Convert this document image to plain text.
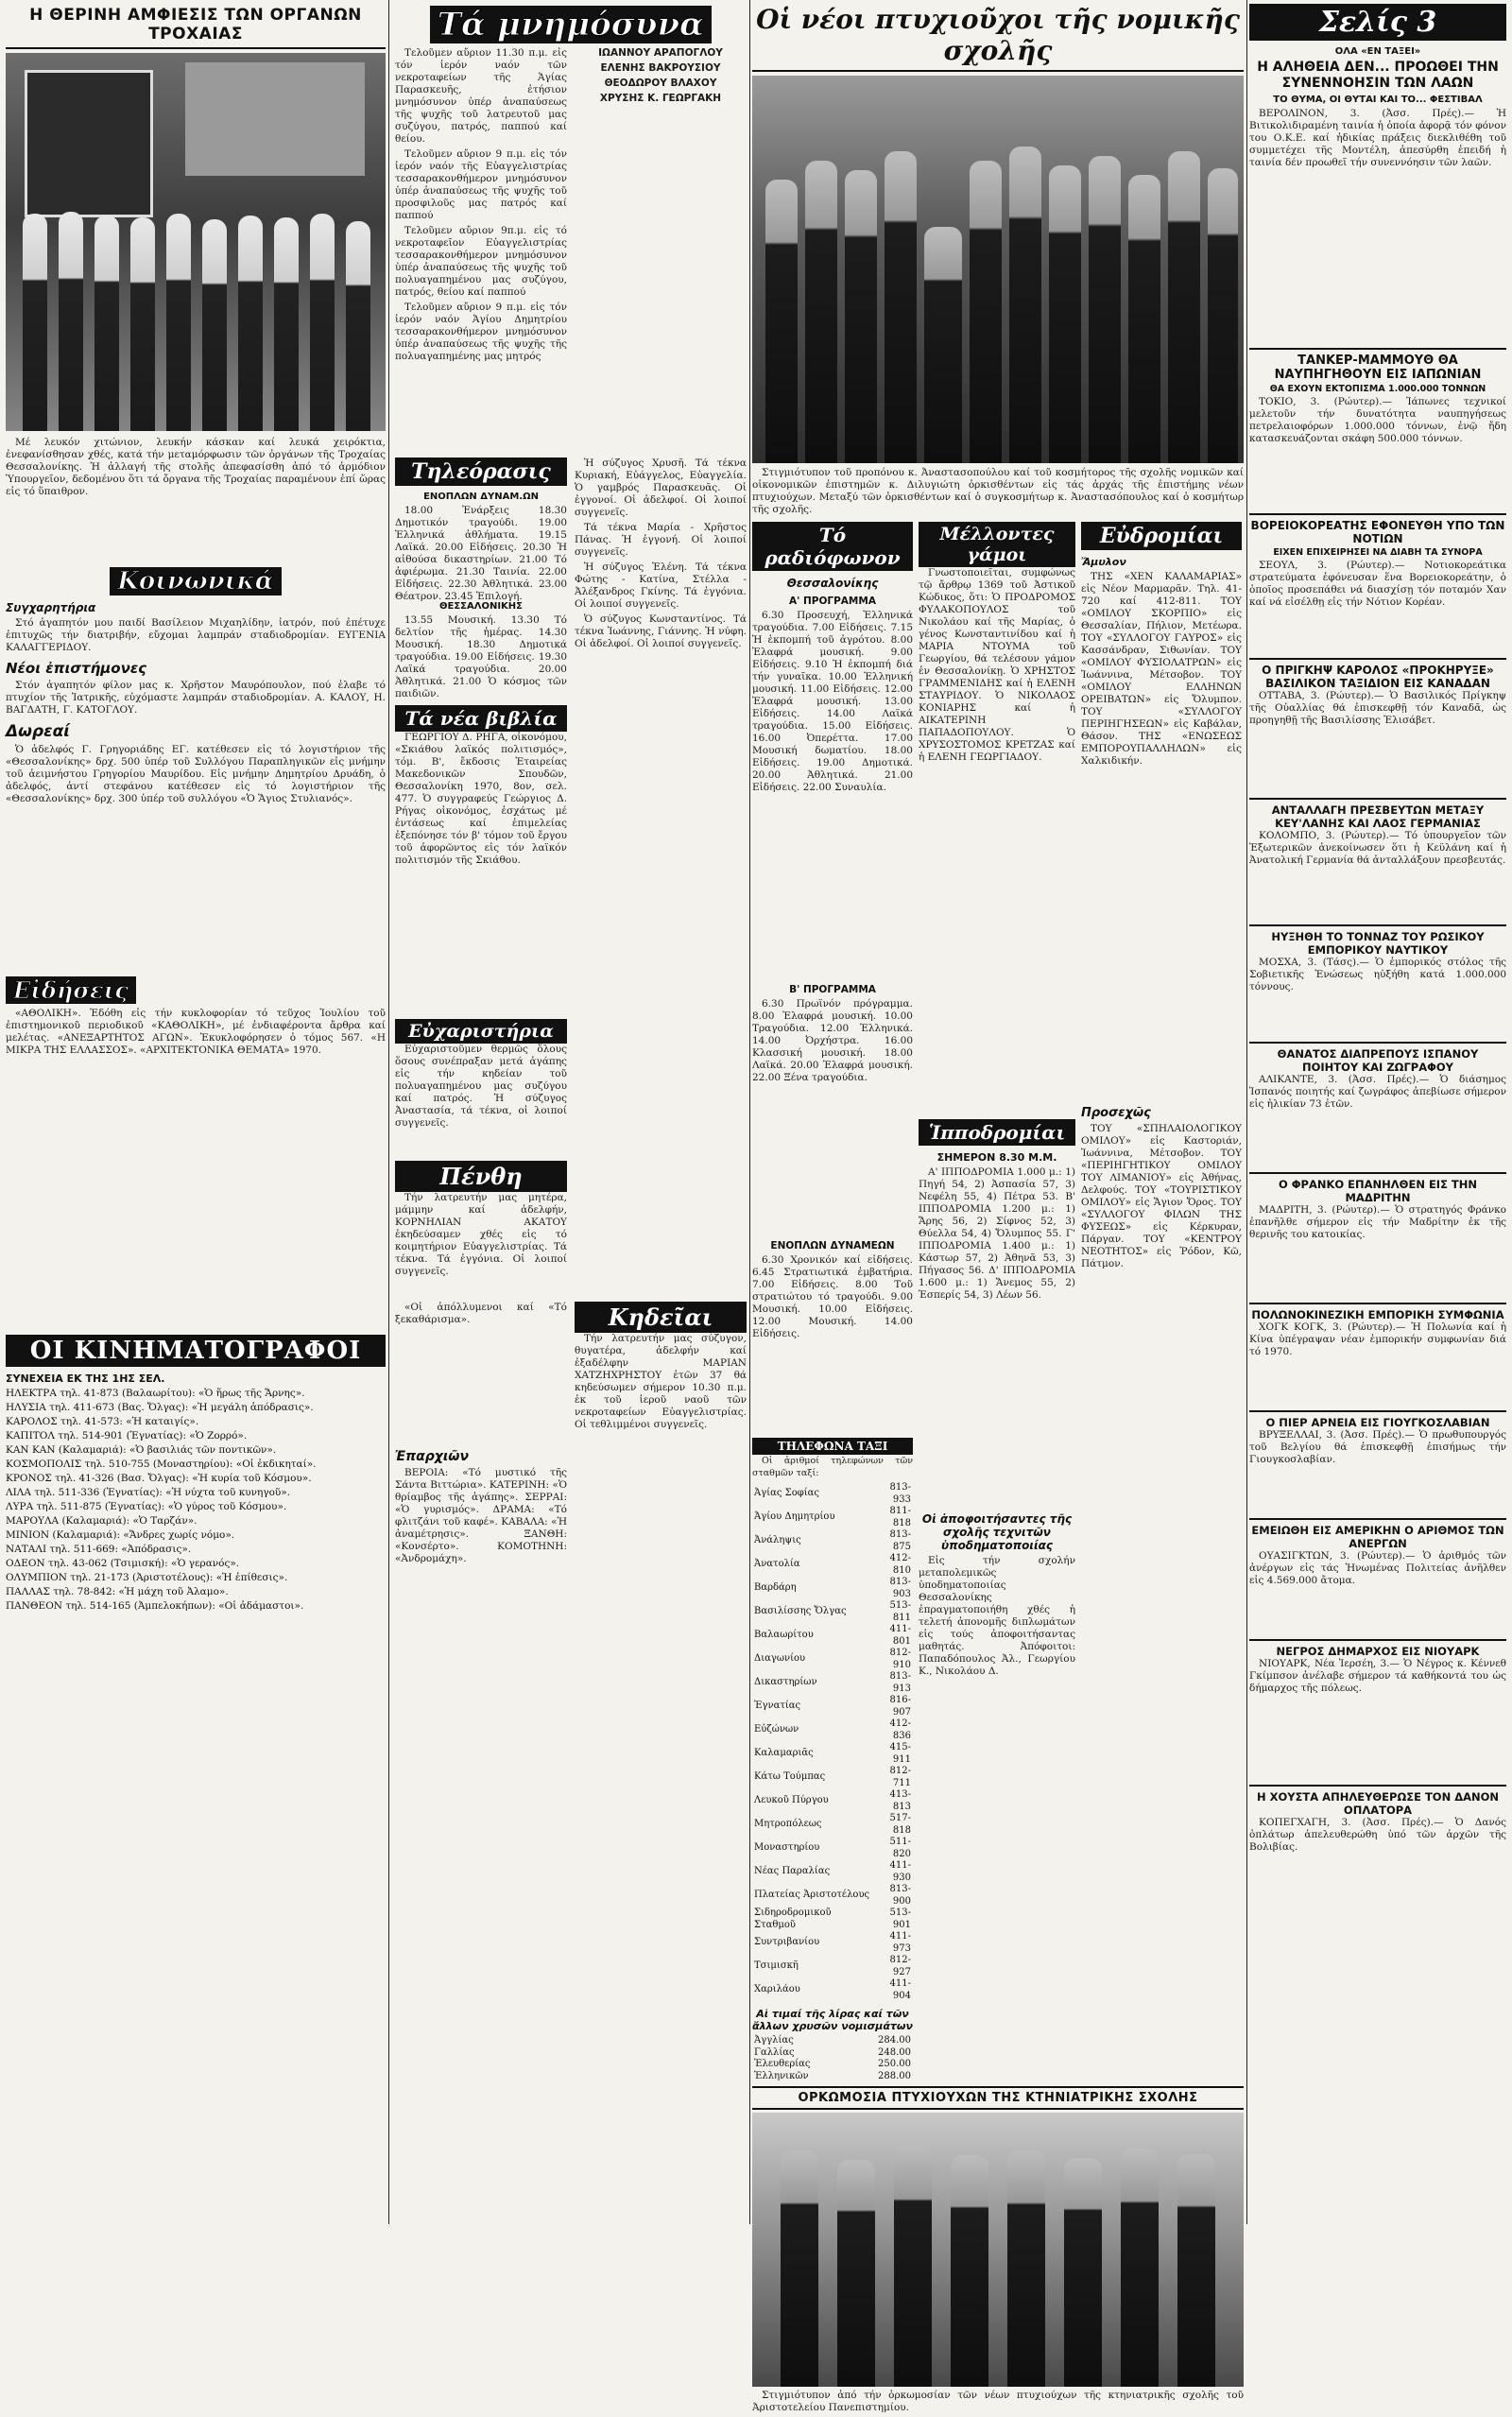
Η ΘΕΡΙΝΗ ΑΜΦΙΕΣΙΣ ΤΩΝ ΟΡΓΑΝΩΝ ΤΡΟΧΑΙΑΣ

Μέ λευκόν χιτώνιον, λευκήν κάσκαν καί λευκά χειρόκτια, ἐνεφανίσθησαν χθές, κατά τήν μεταμόρφωσιν τῶν ὀργάνων τῆς Τροχαίας Θεσσαλονίκης. Ἡ ἀλλαγή τῆς στολῆς ἀπεφασίσθη ἀπό τό ἀρμόδιον Ὑπουργεῖον, δεδομένου ὅτι τά ὄργανα τῆς Τροχαίας παραμένουν ἐπί ὥρας εἰς τό ὕπαιθρον.

Κοινωνικά
Συγχαρητήρια

Στό ἀγαπητόν μου παιδί Βασίλειον Μιχαηλίδην, ἰατρόν, πού ἐπέτυχε ἐπιτυχῶς τήν διατριβήν, εὔχομαι λαμπράν σταδιοδρομίαν. ΕΥΓΕΝΙΑ ΚΑΛΑΓΓΕΡΙΔΟΥ.

Νέοι ἐπιστήμονες

Στόν ἀγαπητόν φίλον μας κ. Χρῆστον Μαυρόπουλον, πού ἐλαβε τό πτυχίον τῆς Ἰατρικῆς, εὐχόμαστε λαμπράν σταδιοδρομίαν. Α. ΚΑΛΟΥ, Η. ΒΑΓΔΑΤΗ, Γ. ΚΑΤΟΓΛΟΥ.

Δωρεαί

Ὁ ἀδελφός Γ. Γρηγοριάδης ΕΓ. κατέθεσεν εἰς τό λογιστήριον τῆς «Θεσσαλονίκης» δρχ. 500 ὑπέρ τοῦ Συλλόγου Παραπληγικῶν εἰς μνήμην τοῦ ἀειμνήστου Γρηγορίου Μαυρίδου. Εἰς μνήμην Δημητρίου Δρυάδη, ὁ ἀδελφός, ἀντί στεφάνου κατέθεσεν εἰς τό λογιστήριον τῆς «Θεσσαλονίκης» δρχ. 300 ὑπέρ τοῦ συλλόγου «Ὁ Ἅγιος Στυλιανός».

Εἰδήσεις

«ΑΘΟΛΙΚΗ». Ἐδόθη εἰς τήν κυκλοφορίαν τό τεῦχος Ἰουλίου τοῦ ἐπιστημονικοῦ περιοδικοῦ «ΚΑΘΟΛΙΚΗ», μέ ἐνδιαφέροντα ἄρθρα καί μελέτας. «ΑΝΕΞΑΡΤΗΤΟΣ ΑΓΩΝ». Ἐκυκλοφόρησεν ὁ τόμος 567. «Η ΜΙΚΡΑ ΤΗΣ ΕΛΛΑΣΣΟΣ». «ΑΡΧΙΤΕΚΤΟΝΙΚΑ ΘΕΜΑΤΑ» 1970.

ΟΙ ΚΙΝΗΜΑΤΟΓΡΑΦΟΙ
ΣΥΝΕΧΕΙΑ ΕΚ ΤΗΣ 1ΗΣ ΣΕΛ.
ΗΛΕΚΤΡΑ τηλ. 41-873 (Βαλαωρίτου): «Ὁ ἥρως τῆς Ἄρνης».
ΗΛΥΣΙΑ τηλ. 411-673 (Βας. Ὄλγας): «Ἡ μεγάλη ἀπόδρασις».
ΚΑΡΟΛΟΣ τηλ. 41-573: «Ἡ καταιγίς».
ΚΑΠΙΤΟΛ τηλ. 514-901 (Ἐγνατίας): «Ὁ Ζορρό».
ΚΑΝ ΚΑΝ (Καλαμαριά): «Ὁ βασιλιάς τῶν ποντικῶν».
ΚΟΣΜΟΠΟΛΙΣ τηλ. 510-755 (Μοναστηρίου): «Οἱ ἐκδικηταί».
ΚΡΟΝΟΣ τηλ. 41-326 (Βασ. Ὄλγας): «Ἡ κυρία τοῦ Κόσμου».
ΛΙΛΑ τηλ. 511-336 (Ἐγνατίας): «Ἡ νύχτα τοῦ κυνηγοῦ».
ΛΥΡΑ τηλ. 511-875 (Ἐγνατίας): «Ὁ γύρος τοῦ Κόσμου».
ΜΑΡΟΥΛΑ (Καλαμαριά): «Ὁ Ταρζάν».
ΜΙΝΙΟΝ (Καλαμαριά): «Ἄνδρες χωρίς νόμο».
ΝΑΤΑΛΙ τηλ. 511-669: «Ἀπόδρασις».
ΟΔΕΟΝ τηλ. 43-062 (Τσιμισκή): «Ὁ γερανός».
ΟΛΥΜΠΙΟΝ τηλ. 21-173 (Ἀριστοτέλους): «Ἡ ἐπίθεσις».
ΠΑΛΛΑΣ τηλ. 78-842: «Ἡ μάχη τοῦ Ἀλαμο».
ΠΑΝΘΕΟΝ τηλ. 514-165 (Ἀμπελοκήπων): «Οἱ ἀδάμαστοι».
Τά μνημόσυνα

Τελοῦμεν αὔριον 11.30 π.μ. εἰς τόν ἱερόν ναόν τῶν νεκροταφείων τῆς Ἁγίας Παρασκευῆς, ἐτήσιον μνημόσυνον ὑπέρ ἀναπαύσεως τῆς ψυχῆς τοῦ λατρευτοῦ μας συζύγου, πατρός, παππού καί θείου.

Τελοῦμεν αὔριον 9 π.μ. εἰς τόν ἱερόν ναόν τῆς Εὐαγγελιστρίας τεσσαρακονθήμερον μνημόσυνον ὑπέρ ἀναπαύσεως τῆς ψυχῆς τοῦ προσφιλοῦς μας πατρός καί παππού

Τελοῦμεν αὔριον 9π.μ. εἰς τό νεκροταφεῖον Εὐαγγελιστρίας τεσσαρακονθήμερον μνημόσυνον ὑπέρ ἀναπαύσεως τῆς ψυχῆς τοῦ πολυαγαπημένου μας συζύγου, πατρός, θείου καί παππού

Τελοῦμεν αὔριον 9 π.μ. εἰς τόν ἱερόν ναόν Ἁγίου Δημητρίου τεσσαρακονθήμερον μνημόσυνον ὑπέρ ἀναπαύσεως τῆς ψυχῆς τῆς πολυαγαπημένης μας μητρός

ΙΩΑΝΝΟΥ ΑΡΑΠΟΓΛΟΥ

ΕΛΕΝΗΣ ΒΑΚΡΟΥΣΙΟΥ

ΘΕΟΔΩΡΟΥ ΒΛΑΧΟΥ

ΧΡΥΣΗΣ Κ. ΓΕΩΡΓΑΚΗ

Τηλεόρασις
ΕΝΟΠΛΩΝ ΔΥΝΑΜ.ΩΝ

18.00 Ἐνάρξεις 18.30 Δημοτικόν τραγούδι. 19.00 Ἑλληνικά ἀθλήματα. 19.15 Λαϊκά. 20.00 Εἰδήσεις. 20.30 Ἡ αἰθούσα δικαστηρίων. 21.00 Τό ἀφιέρωμα. 21.30 Ταινία. 22.00 Εἰδήσεις. 22.30 Ἀθλητικά. 23.00 Θέατρον. 23.45 Ἐπιλογή.

ΘΕΣΣΑΛΟΝΙΚΗΣ

13.55 Μουσική. 13.30 Τό δελτίον τῆς ἡμέρας. 14.30 Μουσική. 18.30 Δημοτικά τραγούδια. 19.00 Εἰδήσεις. 19.30 Λαϊκά τραγούδια. 20.00 Ἀθλητικά. 21.00 Ὁ κόσμος τῶν παιδιῶν.

Τά νέα βιβλία

ΓΕΩΡΓΙΟΥ Δ. ΡΗΓΑ, οἰκονόμου, «Σκιάθου λαϊκός πολιτισμός», τόμ. Β', ἔκδοσις Ἑταιρείας Μακεδονικῶν Σπουδῶν, Θεσσαλονίκη 1970, 8ον, σελ. 477. Ὁ συγγραφεύς Γεώργιος Δ. Ρήγας οἰκονόμος, ἐσχάτως μέ ἐντάσεως καί ἐπιμελείας ἐξεπόνησε τόν β' τόμον τοῦ ἔργου τοῦ ἀφορῶντος εἰς τόν λαϊκόν πολιτισμόν τῆς Σκιάθου.

Εὐχαριστήρια

Εὐχαριστοῦμεν θερμῶς ὅλους ὅσους συνέπραξαν μετά ἀγάπης εἰς τήν κηδείαν τοῦ πολυαγαπημένου μας συζύγου καί πατρός. Ἡ σύζυγος Ἀναστασία, τά τέκνα, οἱ λοιποί συγγενεῖς.

Πένθη

Τήν λατρευτήν μας μητέρα, μάμμην καί ἀδελφήν, ΚΟΡΝΗΛΙΑΝ ΑΚΑΤΟΥ ἐκηδεύσαμεν χθές εἰς τό κοιμητήριον Εὐαγγελιστρίας. Τά τέκνα. Τά ἐγγόνια. Οἱ λοιποί συγγενεῖς.

Ἡ σύζυγος Χρυσῆ. Τά τέκνα Κυριακή, Εὐάγγελος, Εὐαγγελία. Ὁ γαμβρός Παρασκευᾶς. Οἱ ἐγγονοί. Οἱ ἀδελφοί. Οἱ λοιποί συγγενεῖς.

Τά τέκνα Μαρία - Χρῆστος Πάνας. Ἡ ἐγγονή. Οἱ λοιποί συγγενεῖς.

Ἡ σύζυγος Ἑλένη. Τά τέκνα Φώτης - Κατίνα, Στέλλα - Ἀλέξανδρος Γκίνης. Τά ἐγγόνια. Οἱ λοιποί συγγενεῖς.

Ὁ σύζυγος Κωνσταντίνος. Τά τέκνα Ἰωάννης, Γιάννης. Ἡ νύφη. Οἱ ἀδελφοί. Οἱ λοιποί συγγενεῖς.

«Οἱ ἀπόλλυμενοι καί «Τό ξεκαθάρισμα».

Ἐπαρχιῶν

ΒΕΡΟΙΑ: «Τό μυστικό τῆς Σάντα Βιττώρια». ΚΑΤΕΡΙΝΗ: «Ὁ θρίαμβος τῆς ἀγάπης». ΣΕΡΡΑΙ: «Ὁ γυρισμός». ΔΡΑΜΑ: «Τό φλιτζάνι τοῦ καφέ». ΚΑΒΑΛΑ: «Ἡ ἀναμέτρησις». ΞΑΝΘΗ: «Κονσέρτο». ΚΟΜΟΤΗΝΗ: «Ἀνδρομάχη».

Κηδεῖαι

Τήν λατρευτήν μας σύζυγον, θυγατέρα, ἀδελφήν καί ἐξαδέλφην ΜΑΡΙΑΝ ΧΑΤΖΗΧΡΗΣΤΟΥ ἐτῶν 37 θά κηδεύσωμεν σήμερον 10.30 π.μ. ἐκ τοῦ ἱεροῦ ναοῦ τῶν νεκροταφείων Εὐαγγελιστρίας. Οἱ τεθλιμμένοι συγγενεῖς.

Οἱ νέοι πτυχιοῦχοι τῆς νομικῆς σχολῆς

Στιγμιότυπον τοῦ προπόνου κ. Ἀναστασοπούλου καί τοῦ κοσμήτορος τῆς σχολῆς νομικῶν καί οἰκονομικῶν ἐπιστημῶν κ. Διλυγιώτη ὁρκισθέντων εἰς τάς ἀρχάς τῆς ἐπιστήμης νέων πτυχιούχων. Μεταξύ τῶν ὁρκισθέντων καί ὁ συγκοσμήτωρ κ. Ἀναστασόπουλος καί ὁ κοσμήτωρ τῆς σχολῆς.

Τό ραδιόφωνον
Θεσσαλονίκης
Α' ΠΡΟΓΡΑΜΜΑ

6.30 Προσευχή, Ἑλληνικά τραγούδια. 7.00 Εἰδήσεις. 7.15 Ἡ ἐκπομπή τοῦ ἀγρότου. 8.00 Ἐλαφρά μουσική. 9.00 Εἰδήσεις. 9.10 Ἡ ἐκπομπή διά τήν γυναῖκα. 10.00 Ἑλληνική μουσική. 11.00 Εἰδήσεις. 12.00 Ἐλαφρά μουσική. 13.00 Εἰδήσεις. 14.00 Λαϊκά τραγούδια. 15.00 Εἰδήσεις. 16.00 Ὀπερέττα. 17.00 Μουσική δωματίου. 18.00 Εἰδήσεις. 19.00 Δημοτικά. 20.00 Ἀθλητικά. 21.00 Εἰδήσεις. 22.00 Συναυλία.

Β' ΠΡΟΓΡΑΜΜΑ

6.30 Πρωϊνόν πρόγραμμα. 8.00 Ἐλαφρά μουσική. 10.00 Τραγούδια. 12.00 Ἑλληνικά. 14.00 Ὀρχήστρα. 16.00 Κλασσική μουσική. 18.00 Λαϊκά. 20.00 Ἐλαφρά μουσική. 22.00 Ξένα τραγούδια.

ΕΝΟΠΛΩΝ ΔΥΝΑΜΕΩΝ

6.30 Χρονικόν καί εἰδήσεις. 6.45 Στρατιωτικά ἐμβατήρια. 7.00 Εἰδήσεις. 8.00 Τοῦ στρατιώτου τό τραγούδι. 9.00 Μουσική. 10.00 Εἰδήσεις. 12.00 Μουσική. 14.00 Εἰδήσεις.

ΤΗΛΕΦΩΝΑ ΤΑΞΙ

Οἱ ἀριθμοί τηλεφώνων τῶν σταθμῶν ταξί:

Ἀγίας Σοφίας	813-933
Ἀγίου Δημητρίου	811-818
Ἀνάληψις	813-875
Ἀνατολία	412-810
Βαρδάρη	813-903
Βασιλίσσης Ὄλγας	513-811
Βαλαωρίτου	411-801
Διαγωνίου	812-910
Δικαστηρίων	813-913
Ἐγνατίας	816-907
Εὐζώνων	412-836
Καλαμαριᾶς	415-911
Κάτω Τούμπας	812-711
Λευκοῦ Πύργου	413-813
Μητροπόλεως	517-818
Μοναστηρίου	511-820
Νέας Παραλίας	411-930
Πλατείας Ἀριστοτέλους	813-900
Σιδηροδρομικοῦ Σταθμοῦ	513-901
Συντριβανίου	411-973
Τσιμισκῆ	812-927
Χαριλάου	411-904
Αἱ τιμαί τῆς λίρας καί τῶν ἄλλων χρυσῶν νομισμάτων
Ἀγγλίας	284.00
Γαλλίας	248.00
Ἐλευθερίας	250.00
Ἑλληνικῶν	288.00
Μέλλοντες γάμοι

Γνωστοποιεῖται, συμφώνως τῷ ἄρθρῳ 1369 τοῦ Ἀστικοῦ Κώδικος, ὅτι: Ὁ ΠΡΟΔΡΟΜΟΣ ΦΥΛΑΚΟΠΟΥΛΟΣ τοῦ Νικολάου καί τῆς Μαρίας, ὁ γένος Κωνσταντινίδου καί ἡ ΜΑΡΙΑ ΝΤΟΥΜΑ τοῦ Γεωργίου, θά τελέσουν γάμον ἐν Θεσσαλονίκῃ. Ὁ ΧΡΗΣΤΟΣ ΓΡΑΜΜΕΝΙΔΗΣ καί ἡ ΕΛΕΝΗ ΣΤΑΥΡΙΔΟΥ. Ὁ ΝΙΚΟΛΑΟΣ ΚΟΝΙΑΡΗΣ καί ἡ ΑΙΚΑΤΕΡΙΝΗ ΠΑΠΑΔΟΠΟΥΛΟΥ. Ὁ ΧΡΥΣΟΣΤΟΜΟΣ ΚΡΕΤΖΑΣ καί ἡ ΕΛΕΝΗ ΓΕΩΡΓΙΑΔΟΥ.

Ἱπποδρομίαι
ΣΗΜΕΡΟΝ 8.30 Μ.Μ.

Α' ΙΠΠΟΔΡΟΜΙΑ 1.000 μ.: 1) Πηγή 54, 2) Ἀσπασία 57, 3) Νεφέλη 55, 4) Πέτρα 53. Β' ΙΠΠΟΔΡΟΜΙΑ 1.200 μ.: 1) Ἄρης 56, 2) Σίφνος 52, 3) Θύελλα 54, 4) Ὄλυμπος 55. Γ' ΙΠΠΟΔΡΟΜΙΑ 1.400 μ.: 1) Κάστωρ 57, 2) Ἀθηνᾶ 53, 3) Πήγασος 56. Δ' ΙΠΠΟΔΡΟΜΙΑ 1.600 μ.: 1) Ἄνεμος 55, 2) Ἑσπερίς 54, 3) Λέων 56.

Οἱ ἀποφοιτήσαντες τῆς σχολῆς τεχνιτῶν ὑποδηματοποιίας

Εἰς τήν σχολήν μεταπολεμικῶς ὑποδηματοποιίας Θεσσαλονίκης ἐπραγματοποιήθη χθές ἡ τελετή ἀπονομῆς διπλωμάτων εἰς τούς ἀποφοιτήσαντας μαθητάς. Ἀπόφοιτοι: Παπαδόπουλος Ἀλ., Γεωργίου Κ., Νικολάου Δ.

Εὐδρομίαι
Ἄμυλον

ΤΗΣ «ΧΕΝ ΚΑΛΑΜΑΡΙΑΣ» εἰς Νέον Μαρμαρᾶν. Τηλ. 41-720 καί 412-811. ΤΟΥ «ΟΜΙΛΟΥ ΣΚΟΡΠΙΟ» εἰς Θεσσαλίαν, Πήλιον, Μετέωρα. ΤΟΥ «ΣΥΛΛΟΓΟΥ ΓΑΥΡΟΣ» εἰς Κασσάνδραν, Σιθωνίαν. ΤΟΥ «ΟΜΙΛΟΥ ΦΥΣΙΟΛΑΤΡΩΝ» εἰς Ἰωάννινα, Μέτσοβον. ΤΟΥ «ΟΜΙΛΟΥ ΕΛΛΗΝΩΝ ΟΡΕΙΒΑΤΩΝ» εἰς Ὄλυμπον. ΤΟΥ «ΣΥΛΛΟΓΟΥ ΠΕΡΙΗΓΗΣΕΩΝ» εἰς Καβάλαν, Θάσον. ΤΗΣ «ΕΝΩΣΕΩΣ ΕΜΠΟΡΟΥΠΑΛΛΗΛΩΝ» εἰς Χαλκιδικήν.

Προσεχῶς

ΤΟΥ «ΣΠΗΛΑΙΟΛΟΓΙΚΟΥ ΟΜΙΛΟΥ» εἰς Καστοριάν, Ἰωάννινα, Μέτσοβον. ΤΟΥ «ΠΕΡΙΗΓΗΤΙΚΟΥ ΟΜΙΛΟΥ ΤΟΥ ΛΙΜΑΝΙΟΥ» εἰς Ἀθήνας, Δελφούς. ΤΟΥ «ΤΟΥΡΙΣΤΙΚΟΥ ΟΜΙΛΟΥ» εἰς Ἄγιον Ὄρος. ΤΟΥ «ΣΥΛΛΟΓΟΥ ΦΙΛΩΝ ΤΗΣ ΦΥΣΕΩΣ» εἰς Κέρκυραν, Πάργαν. ΤΟΥ «ΚΕΝΤΡΟΥ ΝΕΟΤΗΤΟΣ» εἰς Ῥόδον, Κῶ, Πάτμον.

ΟΡΚΩΜΟΣΙΑ ΠΤΥΧΙΟΥΧΩΝ ΤΗΣ ΚΤΗΝΙΑΤΡΙΚΗΣ ΣΧΟΛΗΣ

Στιγμιότυπον ἀπό τήν ὁρκωμοσίαν τῶν νέων πτυχιούχων τῆς κτηνιατρικῆς σχολῆς τοῦ Ἀριστοτελείου Πανεπιστημίου.

Σελίς 3
ΟΛΑ «ΕΝ ΤΑΞΕΙ»
Η ΑΛΗΘΕΙΑ ΔΕΝ... ΠΡΟΩΘΕΙ ΤΗΝ ΣΥΝΕΝΝΟΗΣΙΝ ΤΩΝ ΛΑΩΝ
ΤΟ ΘΥΜΑ, ΟΙ ΘΥΤΑΙ ΚΑΙ ΤΟ... ΦΕΣΤΙΒΑΛ

ΒΕΡΟΛΙΝΟΝ, 3. (Ἀσσ. Πρές).— Ἡ Βιτικολιδιραμένη ταινία ἡ ὁποία ἀφορᾷ τόν φόνον του Ο.Κ.Ε. καί ἠδικίας πράξεις διεκλιθέθη τοῦ συμμετέχει τῆς Μοντέλη, ἀπεσύρθη ἐπειδή ἡ ταινία δέν προωθεῖ τήν συνεννόησιν τῶν λαῶν.

ΤΑΝΚΕΡ-ΜΑΜΜΟΥΘ ΘΑ ΝΑΥΠΗΓΗΘΟΥΝ ΕΙΣ ΙΑΠΩΝΙΑΝ
ΘΑ ΕΧΟΥΝ ΕΚΤΟΠΙΣΜΑ 1.000.000 ΤΟΝΝΩΝ

ΤΟΚΙΟ, 3. (Ρώυτερ).— Ἰάπωνες τεχνικοί μελετοῦν τήν δυνατότητα ναυπηγήσεως πετρελαιοφόρων 1.000.000 τόννων, ἐνῷ ἤδη κατασκευάζονται σκάφη 500.000 τόννων.

ΒΟΡΕΙΟΚΟΡΕΑΤΗΣ ΕΦΟΝΕΥΘΗ ΥΠΟ ΤΩΝ ΝΟΤΙΩΝ
ΕΙΧΕΝ ΕΠΙΧΕΙΡΗΣΕΙ ΝΑ ΔΙΑΒΗ ΤΑ ΣΥΝΟΡΑ

ΣΕΟΥΛ, 3. (Ρώυτερ).— Νοτιοκορεάτικα στρατεύματα ἐφόνευσαν ἕνα Βορειοκορεάτην, ὁ ὁποῖος προσεπάθει νά διασχίσῃ τόν ποταμόν Χαν καί νά εἰσέλθῃ εἰς τήν Νότιον Κορέαν.

Ο ΠΡΙΓΚΗΨ ΚΑΡΟΛΟΣ «ΠΡΟΚΗΡΥΞΕ» ΒΑΣΙΛΙΚΟΝ ΤΑΞΙΔΙΟΝ ΕΙΣ ΚΑΝΑΔΑΝ

ΟΤΤΑΒΑ, 3. (Ρώυτερ).— Ὁ Βασιλικός Πρίγκηψ τῆς Οὐαλλίας θά ἐπισκεφθῇ τόν Καναδᾶ, ὡς προηγηθῇ τῆς Βασιλίσσης Ἐλισάβετ.

ΑΝΤΑΛΛΑΓΗ ΠΡΕΣΒΕΥΤΩΝ ΜΕΤΑΞΥ ΚΕΥ'ΛΑΝΗΣ ΚΑΙ ΛΑΟΣ ΓΕΡΜΑΝΙΑΣ

ΚΟΛΟΜΠΟ, 3. (Ρώυτερ).— Τό ὑπουργεῖον τῶν Ἐξωτερικῶν ἀνεκοίνωσεν ὅτι ἡ Κεϋλάνη καί ἡ Ἀνατολική Γερμανία θά ἀνταλλάξουν πρεσβευτάς.

ΗΥΞΗΘΗ ΤΟ ΤΟΝΝΑΖ ΤΟΥ ΡΩΣΙΚΟΥ ΕΜΠΟΡΙΚΟΥ ΝΑΥΤΙΚΟΥ

ΜΟΣΧΑ, 3. (Τάσς).— Ὁ ἐμπορικός στόλος τῆς Σοβιετικῆς Ἑνώσεως ηὐξήθη κατά 1.000.000 τόννους.

ΘΑΝΑΤΟΣ ΔΙΑΠΡΕΠΟΥΣ ΙΣΠΑΝΟΥ ΠΟΙΗΤΟΥ ΚΑΙ ΖΩΓΡΑΦΟΥ

ΑΛΙΚΑΝΤΕ, 3. (Ἀσσ. Πρές).— Ὁ διάσημος Ἱσπανός ποιητής καί ζωγράφος ἀπεβίωσε σήμερον εἰς ἡλικίαν 73 ἐτῶν.

Ο ΦΡΑΝΚΟ ΕΠΑΝΗΛΘΕΝ ΕΙΣ ΤΗΝ ΜΑΔΡΙΤΗΝ

ΜΑΔΡΙΤΗ, 3. (Ρώυτερ).— Ὁ στρατηγός Φράνκο ἐπανῆλθε σήμερον εἰς τήν Μαδρίτην ἐκ τῆς θερινῆς του κατοικίας.

ΠΟΛΩΝΟΚΙΝΕΖΙΚΗ ΕΜΠΟΡΙΚΗ ΣΥΜΦΩΝΙΑ

ΧΟΓΚ ΚΟΓΚ, 3. (Ρώυτερ).— Ἡ Πολωνία καί ἡ Κίνα ὑπέγραψαν νέαν ἐμπορικήν συμφωνίαν διά τό 1970.

Ο ΠΙΕΡ ΑΡΝΕΙΑ ΕΙΣ ΓΙΟΥΓΚΟΣΛΑΒΙΑΝ

ΒΡΥΞΕΛΛΑΙ, 3. (Ἀσσ. Πρές).— Ὁ πρωθυπουργός τοῦ Βελγίου θά ἐπισκεφθῇ ἐπισήμως τήν Γιουγκοσλαβίαν.

ΕΜΕΙΩΘΗ ΕΙΣ ΑΜΕΡΙΚΗΝ Ο ΑΡΙΘΜΟΣ ΤΩΝ ΑΝΕΡΓΩΝ

ΟΥΑΣΙΓΚΤΩΝ, 3. (Ρώυτερ).— Ὁ ἀριθμός τῶν ἀνέργων εἰς τάς Ἡνωμένας Πολιτείας ἀνῆλθεν εἰς 4.569.000 ἄτομα.

ΝΕΓΡΟΣ ΔΗΜΑΡΧΟΣ ΕΙΣ ΝΙΟΥΑΡΚ

ΝΙΟΥΑΡΚ, Νέα Ἰερσέη, 3.— Ὁ Νέγρος κ. Κέννεθ Γκίμπσον ἀνέλαβε σήμερον τά καθήκοντά του ὡς δήμαρχος τῆς πόλεως.

Η ΧΟΥΣΤΑ ΑΠΗΛΕΥΘΕΡΩΣΕ ΤΟΝ ΔΑΝΟΝ ΟΠΛΑΤΟΡΑ

ΚΟΠΕΓΧΑΓΗ, 3. (Ἀσσ. Πρές).— Ὁ Δανός ὁπλάτωρ ἀπελευθερώθη ὑπό τῶν ἀρχῶν τῆς Βολιβίας.
